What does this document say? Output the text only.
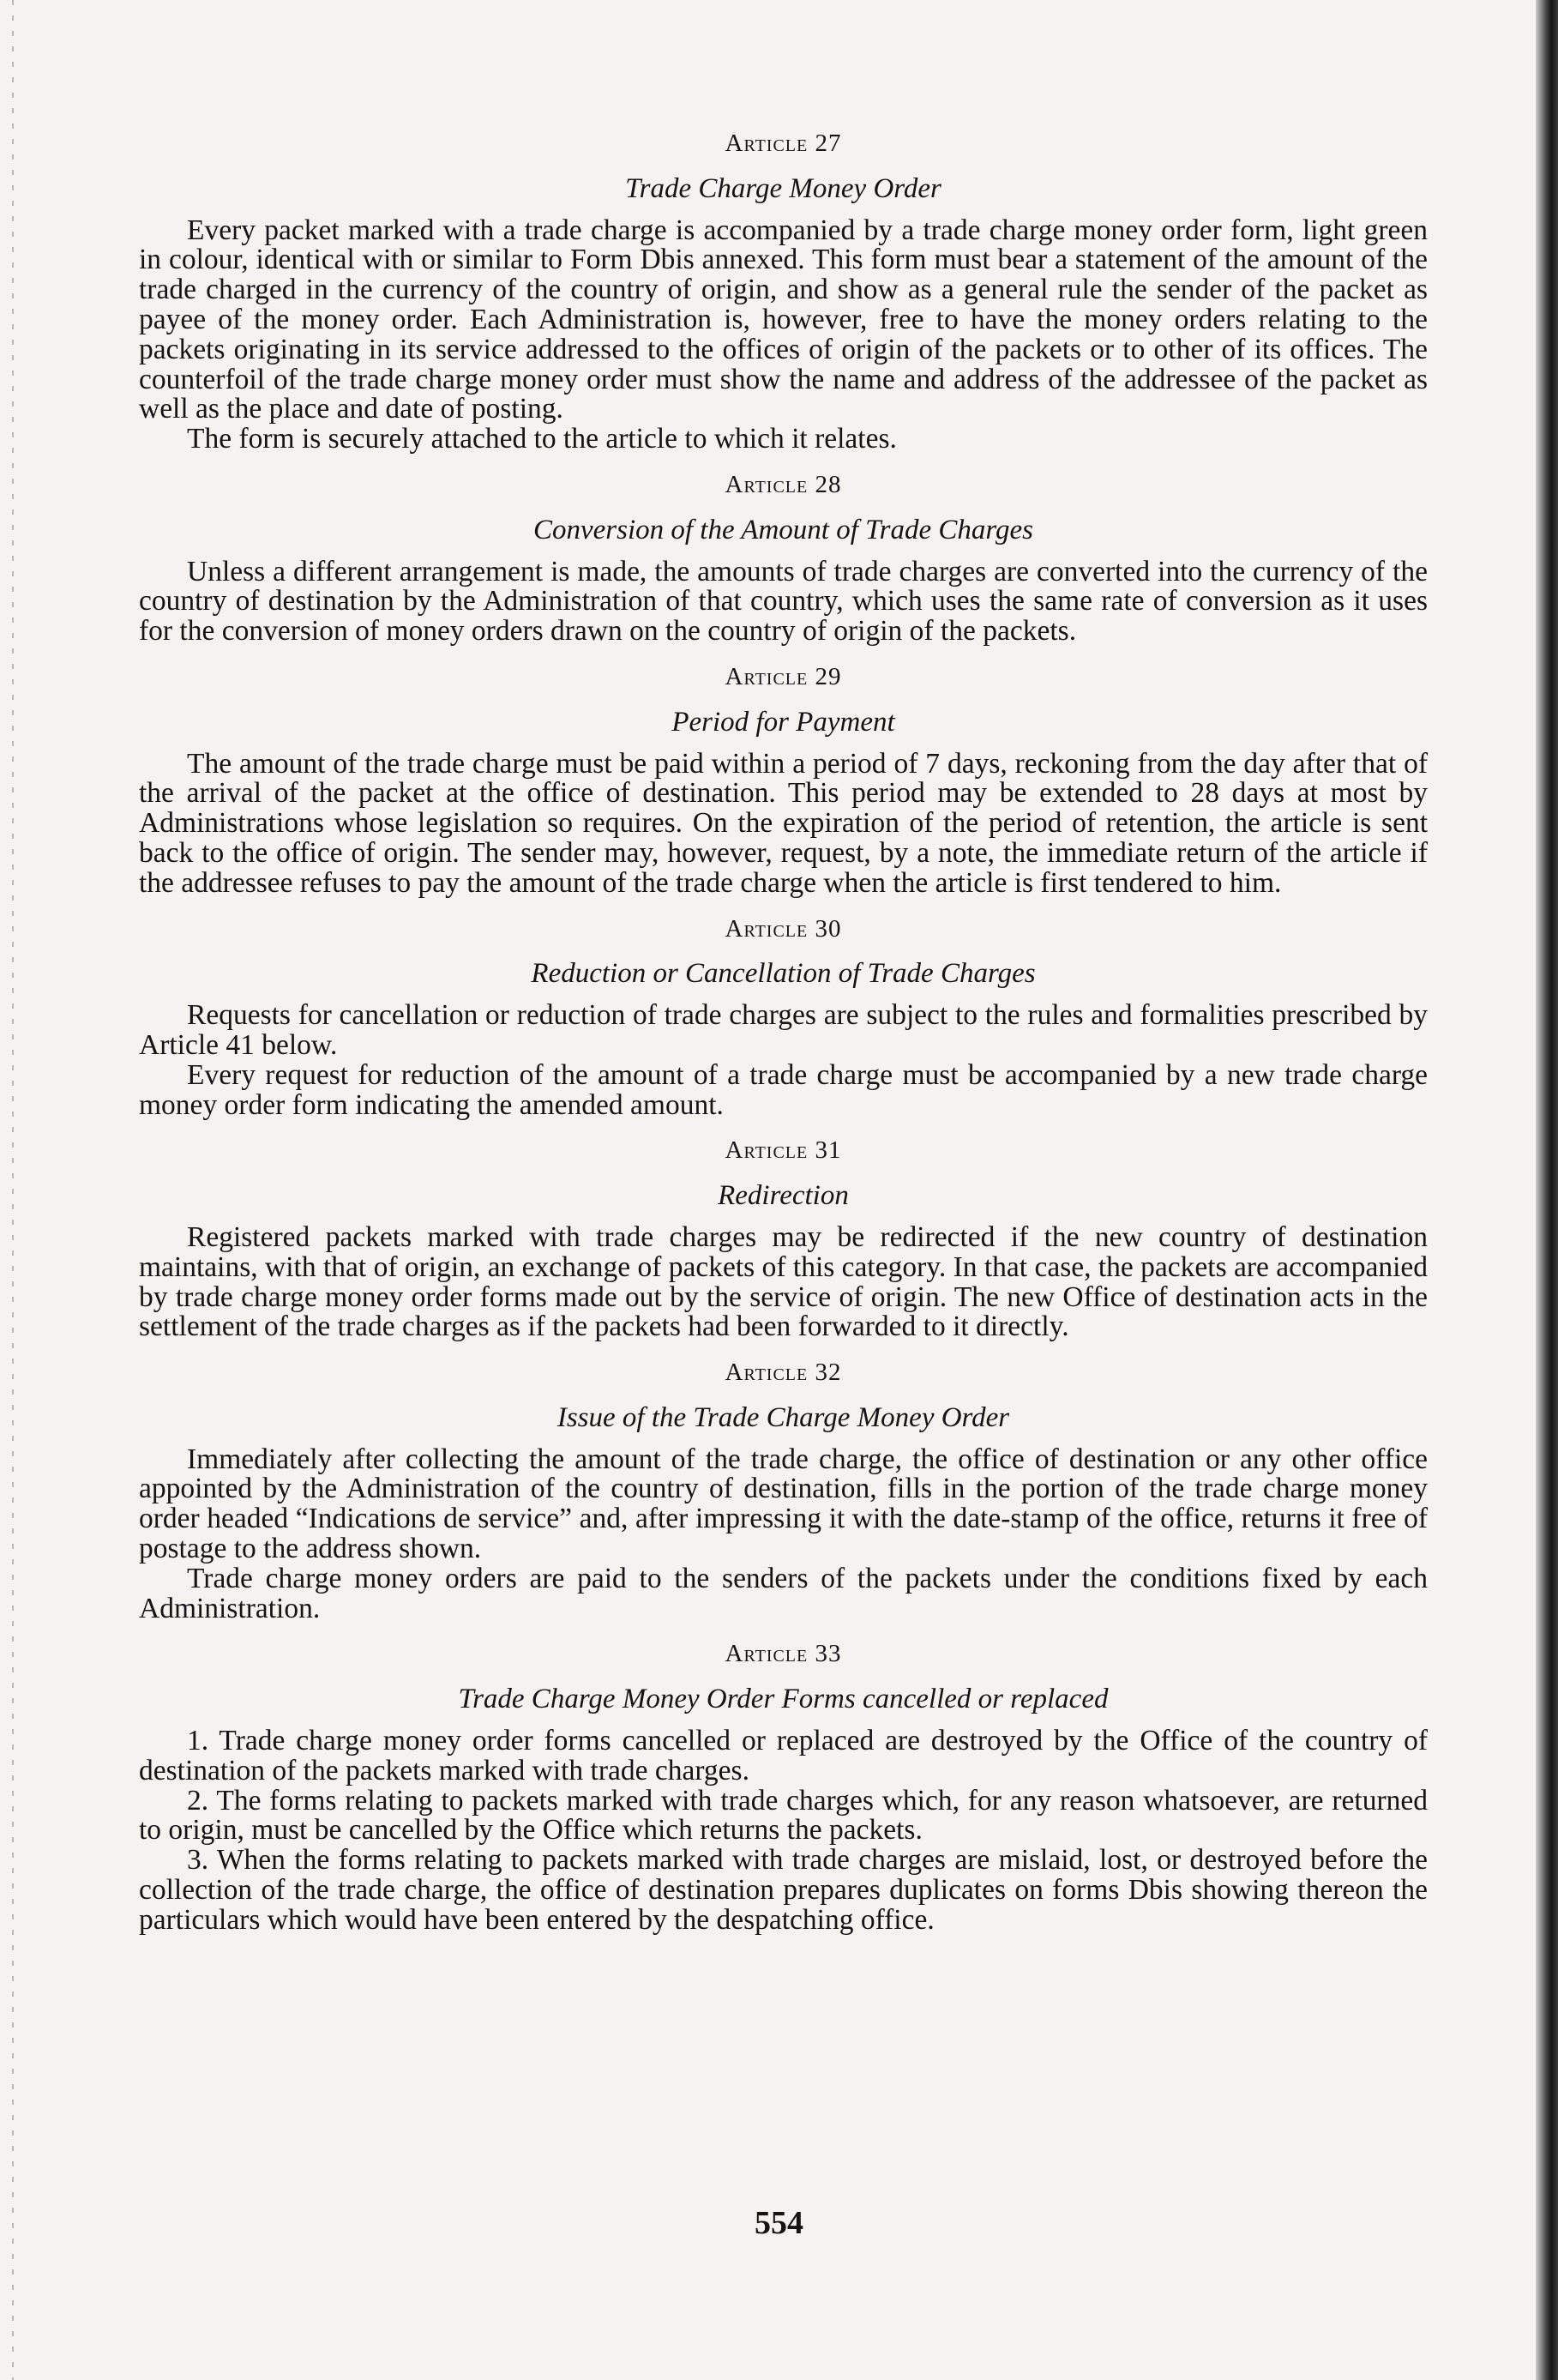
Article 27
Trade Charge Money Order

Every packet marked with a trade charge is accompanied by a trade charge money order form, light green in colour, identical with or similar to Form Dbis annexed. This form must bear a statement of the amount of the trade charged in the currency of the country of origin, and show as a general rule the sender of the packet as payee of the money order. Each Administration is, however, free to have the money orders relating to the packets originating in its service addressed to the offices of origin of the packets or to other of its offices. The counterfoil of the trade charge money order must show the name and address of the addressee of the packet as well as the place and date of posting.

The form is securely attached to the article to which it relates.

Article 28
Conversion of the Amount of Trade Charges

Unless a different arrangement is made, the amounts of trade charges are converted into the currency of the country of destination by the Administration of that country, which uses the same rate of conversion as it uses for the conversion of money orders drawn on the country of origin of the packets.

Article 29
Period for Payment

The amount of the trade charge must be paid within a period of 7 days, reckoning from the day after that of the arrival of the packet at the office of destination. This period may be extended to 28 days at most by Administrations whose legislation so requires. On the expiration of the period of retention, the article is sent back to the office of origin. The sender may, however, request, by a note, the immediate return of the article if the addressee refuses to pay the amount of the trade charge when the article is first tendered to him.

Article 30
Reduction or Cancellation of Trade Charges

Requests for cancellation or reduction of trade charges are subject to the rules and formalities prescribed by Article 41 below.

Every request for reduction of the amount of a trade charge must be accompanied by a new trade charge money order form indicating the amended amount.

Article 31
Redirection

Registered packets marked with trade charges may be redirected if the new country of destination maintains, with that of origin, an exchange of packets of this category. In that case, the packets are accompanied by trade charge money order forms made out by the service of origin. The new Office of destination acts in the settlement of the trade charges as if the packets had been forwarded to it directly.

Article 32
Issue of the Trade Charge Money Order

Immediately after collecting the amount of the trade charge, the office of destination or any other office appointed by the Administration of the country of destination, fills in the portion of the trade charge money order headed “Indications de service” and, after impressing it with the date-stamp of the office, returns it free of postage to the address shown.

Trade charge money orders are paid to the senders of the packets under the conditions fixed by each Administration.

Article 33
Trade Charge Money Order Forms cancelled or replaced

1. Trade charge money order forms cancelled or replaced are destroyed by the Office of the country of destination of the packets marked with trade charges.

2. The forms relating to packets marked with trade charges which, for any reason whatsoever, are returned to origin, must be cancelled by the Office which returns the packets.

3. When the forms relating to packets marked with trade charges are mislaid, lost, or destroyed before the collection of the trade charge, the office of destination prepares duplicates on forms Dbis showing thereon the particulars which would have been entered by the despatching office.

554
